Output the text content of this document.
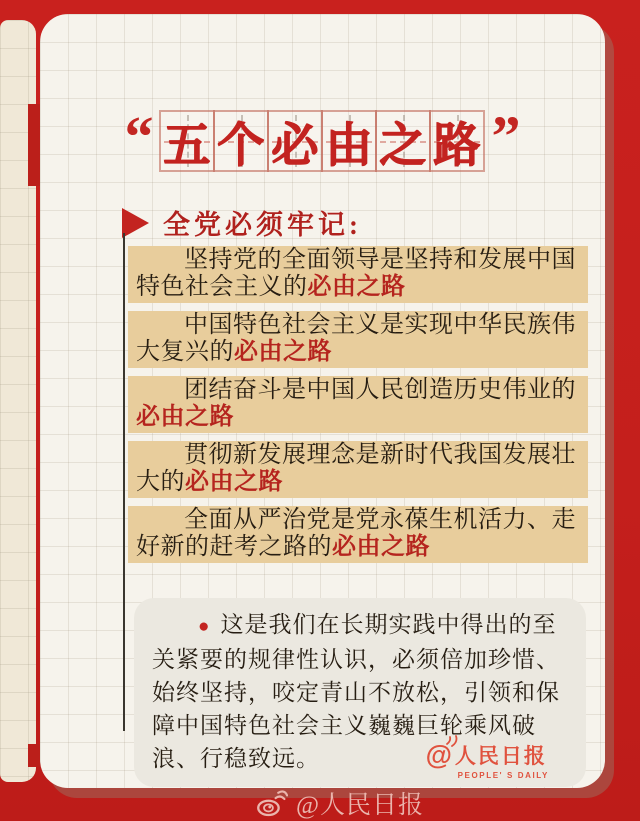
“ 五 个 必 由 之 路 ”
全党必须牢记:

坚持党的全面领导是坚持和发展中国特色社会主义的必由之路

中国特色社会主义是实现中华民族伟大复兴的必由之路

团结奋斗是中国人民创造历史伟业的必由之路

贯彻新发展理念是新时代我国发展壮大的必由之路

全面从严治党是党永葆生机活力、走好新的赶考之路的必由之路

● 这是我们在长期实践中得出的至关紧要的规律性认识，必须倍加珍惜、始终坚持，咬定青山不放松，引领和保障中国特色社会主义巍巍巨轮乘风破浪、行稳致远。	@ 人民日报
PEOPLE' S DAILY
@人民日报
